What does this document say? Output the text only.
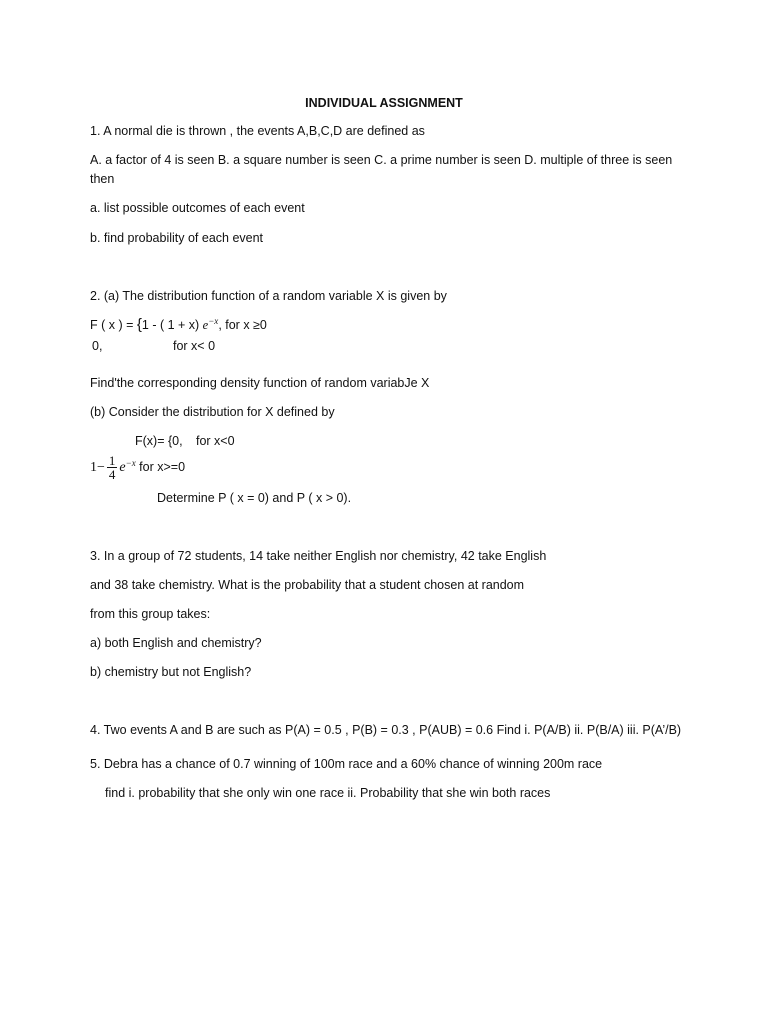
INDIVIDUAL ASSIGNMENT
1. A normal die is thrown , the events A,B,C,D are defined as
A. a factor of 4 is seen B. a square number is seen C. a prime number is seen D. multiple of three is seen
then
a. list possible outcomes of each event
b. find probability of each event
2. (a) The distribution function of a random variable X is given by
F ( x ) = {1 - ( 1 + x) $e^{-x}$, for x ≥0
0,	for x< 0
Find'the corresponding density function of random variabJe X
(b) Consider the distribution for X defined by
F(x)= {0, for x<0
$1- \frac{1}{4} e^{-x}$ for x>=0
Determine P ( x = 0) and P ( x > 0).
3. In a group of 72 students, 14 take neither English nor chemistry, 42 take English
and 38 take chemistry. What is the probability that a student chosen at random
from this group takes:
a) both English and chemistry?
b) chemistry but not English?
4. Two events A and B are such as P(A) = 0.5 , P(B) = 0.3 , P(AUB) = 0.6 Find i. P(A/B) ii. P(B/A) iii. P(A’/B)
5. Debra has a chance of 0.7 winning of 100m race and a 60% chance of winning 200m race
find i. probability that she only win one race ii. Probability that she win both races
